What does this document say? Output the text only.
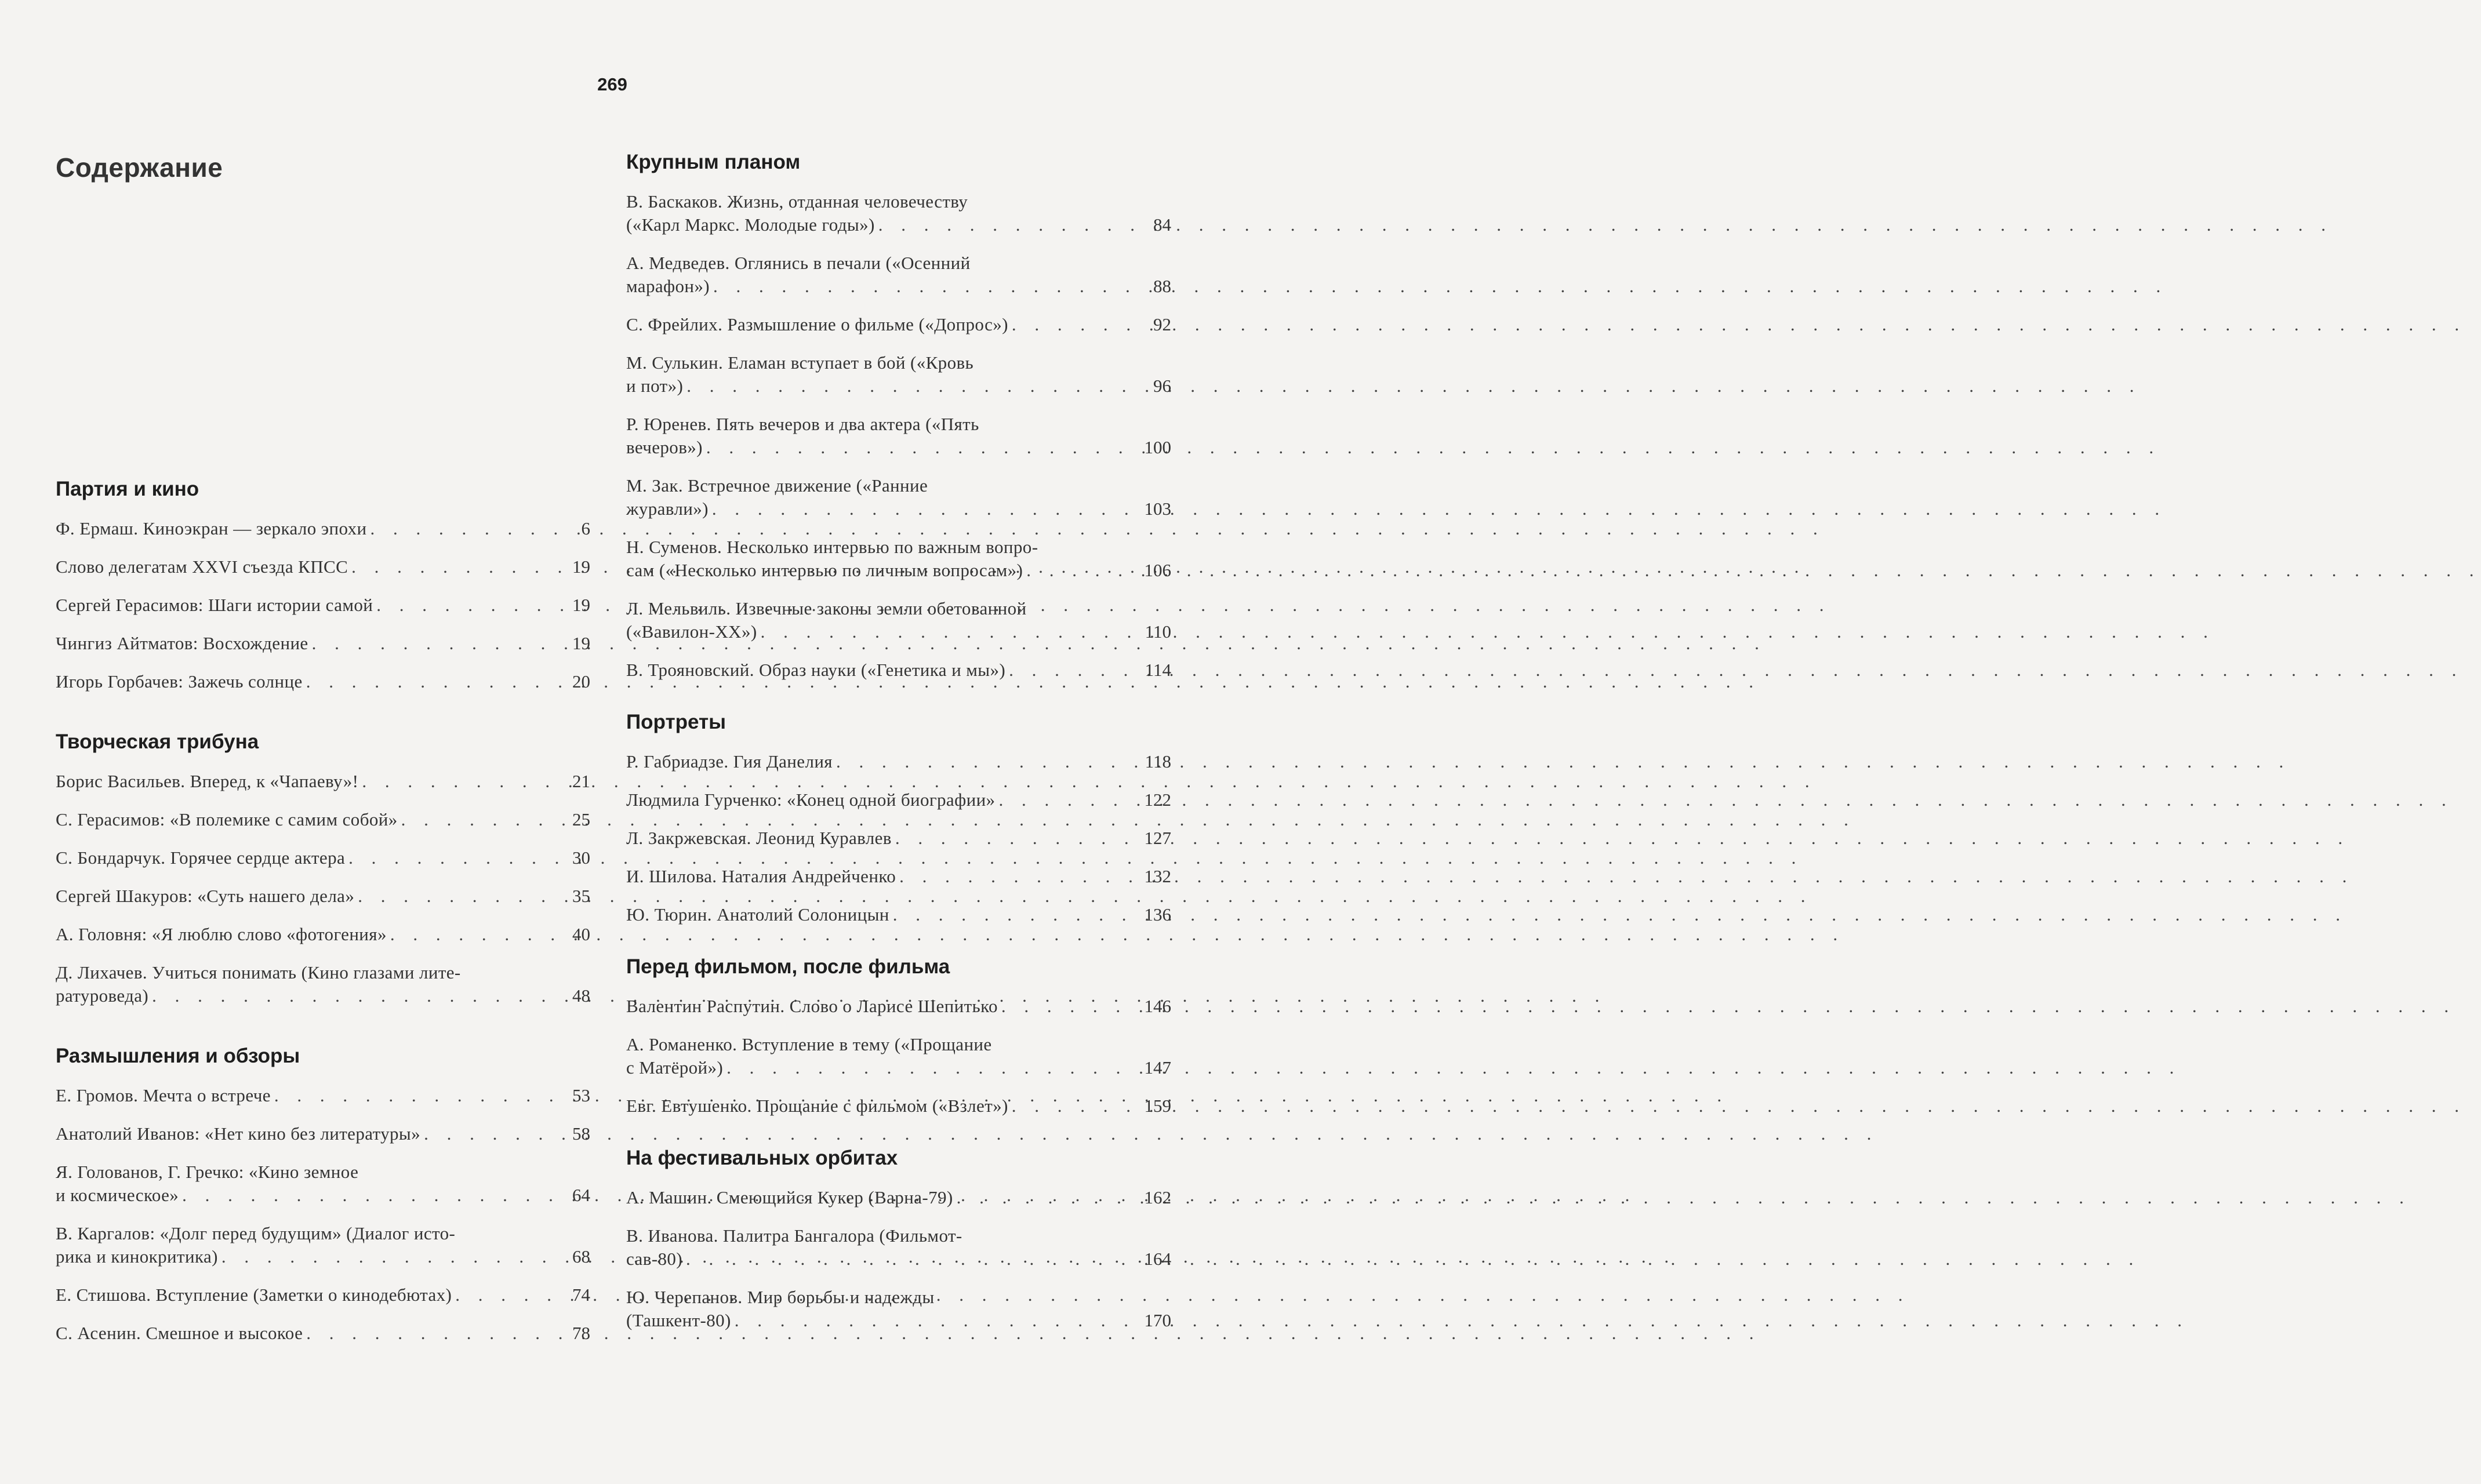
269
Содержание
Партия и кино
Ф. Ермаш. Киноэкран — зеркало эпохи . . .	6
Слово делегатам XXVI съезда КПСС . . .	19
Сергей Герасимов: Шаги истории самой . . .	19
Чингиз Айтматов: Восхождение . . .	19
Игорь Горбачев: Зажечь солнце . . .	20
Творческая трибуна
Борис Васильев. Вперед, к «Чапаеву»! . . .	21
С. Герасимов: «В полемике с самим собой» . . .	25
С. Бондарчук. Горячее сердце актера . . .	30
Сергей Шакуров: «Суть нашего дела» . . .	35
А. Головня: «Я люблю слово «фотогения» . . .	40
Д. Лихачев. Учиться понимать (Кино глазами лите-
ратуроведа) . . .	48
Размышления и обзоры
Е. Громов. Мечта о встрече . . .	53
Анатолий Иванов: «Нет кино без литературы» . . .	58
Я. Голованов, Г. Гречко: «Кино земное
и космическое» . . .	64
В. Каргалов: «Долг перед будущим» (Диалог исто-
рика и кинокритика) . . .	68
Е. Стишова. Вступление (Заметки о кинодебютах) . . .	74
С. Асенин. Смешное и высокое . . .	78
Крупным планом
В. Баскаков. Жизнь, отданная человечеству
(«Карл Маркс. Молодые годы») . . .	84
А. Медведев. Оглянись в печали («Осенний
марафон») . . .	88
С. Фрейлих. Размышление о фильме («Допрос») . . .	92
М. Сулькин. Еламан вступает в бой («Кровь
и пот») . . .	96
Р. Юренев. Пять вечеров и два актера («Пять
вечеров») . . .	100
М. Зак. Встречное движение («Ранние
журавли») . . .	103
Н. Суменов. Несколько интервью по важным вопро-
сам («Несколько интервью по личным вопросам») . . .	106
Л. Мельвиль. Извечные законы земли обетованной
(«Вавилон-XX») . . .	110
В. Трояновский. Образ науки («Генетика и мы») . . .	114
Портреты
Р. Габриадзе. Гия Данелия . . .	118
Людмила Гурченко: «Конец одной биографии» . . .	122
Л. Закржевская. Леонид Куравлев . . .	127
И. Шилова. Наталия Андрейченко . . .	132
Ю. Тюрин. Анатолий Солоницын . . .	136
Перед фильмом, после фильма
Валентин Распутин. Слово о Ларисе Шепитько . . .	146
А. Романенко. Вступление в тему («Прощание
с Матёрой») . . .	147
Евг. Евтушенко. Прощание с фильмом («Взлет») . . .	159
На фестивальных орбитах
А. Машин. Смеющийся Кукер (Варна-79) . . .	162
В. Иванова. Палитра Бангалора (Фильмот-
сав-80) . . .	164
Ю. Черепанов. Мир борьбы и надежды
(Ташкент-80) . . .	170
